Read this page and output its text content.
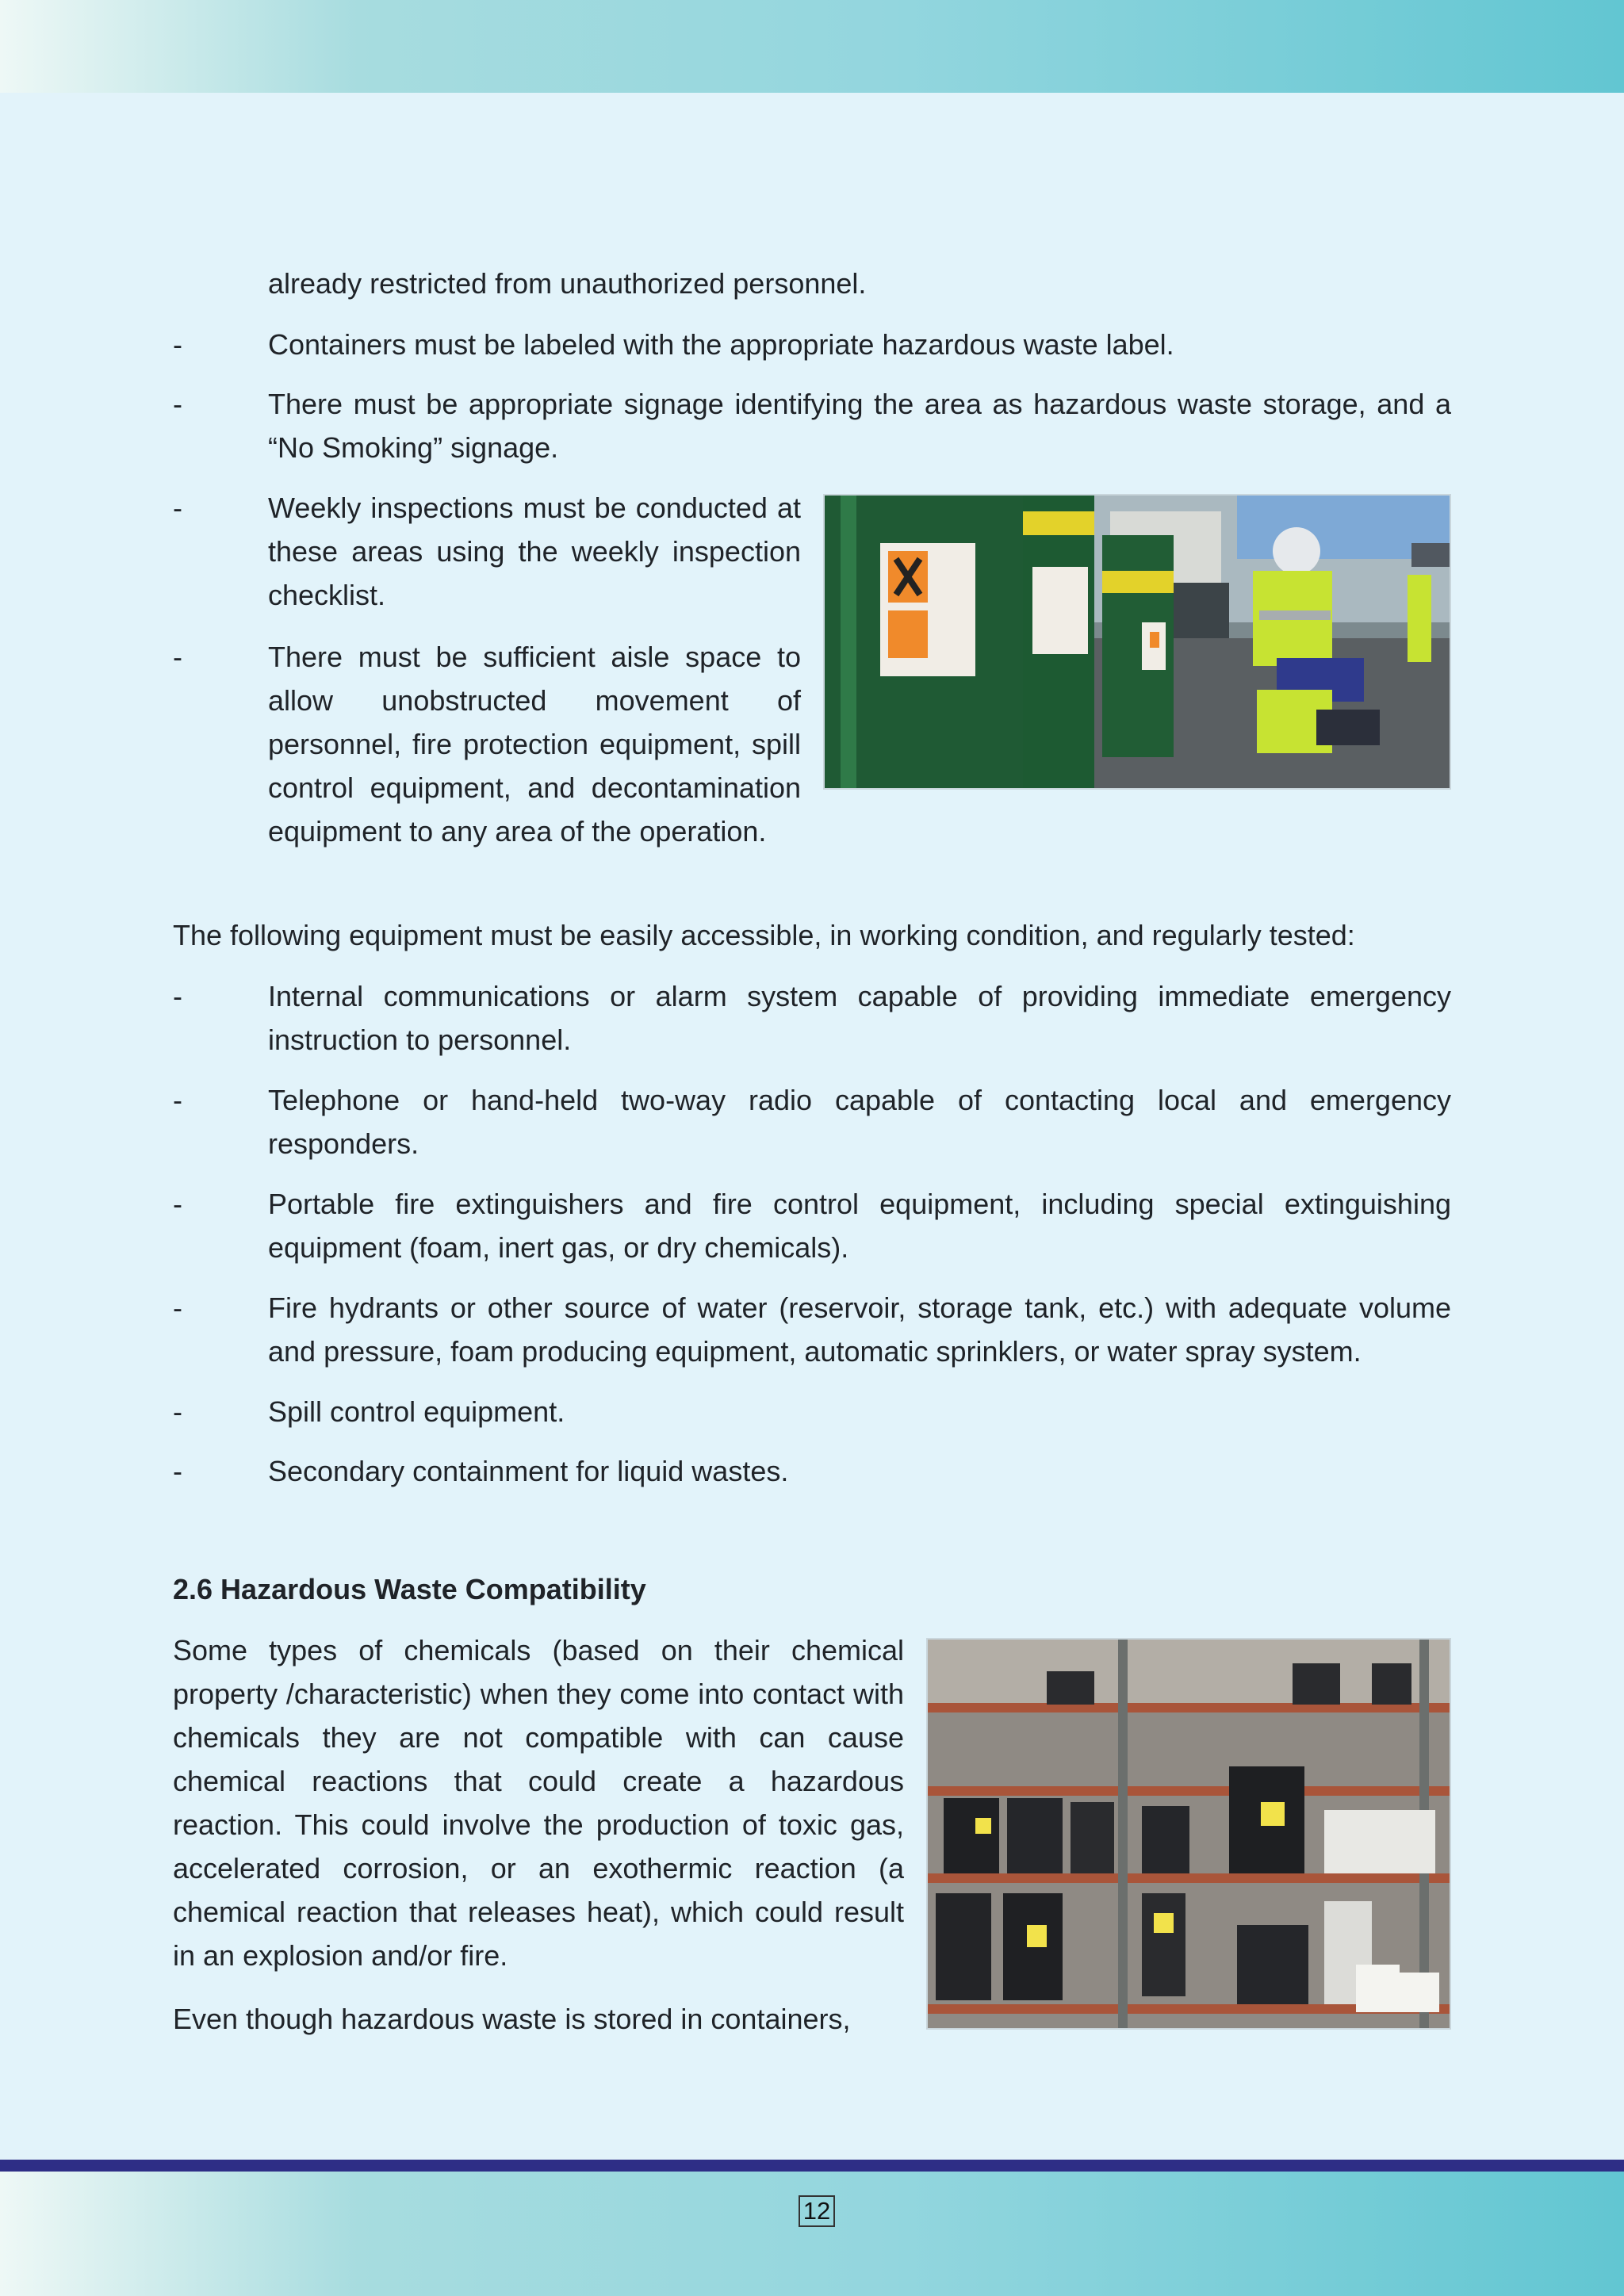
already restricted from unauthorized personnel.

-	Containers must be labeled with the appropriate hazardous waste label.

-	There must be appropriate signage identifying the area as hazardous waste storage, and a “No Smoking” signage.

-	Weekly inspections must be conducted at these areas using the weekly inspection checklist.

-	There must be sufficient aisle space to allow unobstructed movement of personnel, fire protection equipment, spill control equipment, and decontamination equipment to any area of the operation.

The following equipment must be easily accessible, in working condition, and regularly tested:

-	Internal communications or alarm system capable of providing immediate emergency instruction to personnel.

-	Telephone or hand-held two-way radio capable of contacting local and emergency responders.

-	Portable fire extinguishers and fire control equipment, including special extinguishing equipment (foam, inert gas, or dry chemicals).

-	Fire hydrants or other source of water (reservoir, storage tank, etc.) with adequate volume and pressure, foam producing equipment, automatic sprinklers, or water spray system.

-	Spill control equipment.

-	Secondary containment for liquid wastes.

2.6 Hazardous Waste Compatibility

Some types of chemicals (based on their chemical property /characteristic) when they come into contact with chemicals they are not compatible with can cause chemical reactions that could create a hazardous reaction. This could involve the production of toxic gas, accelerated corrosion, or an exothermic reaction (a chemical reaction that releases heat), which could result in an explosion and/or fire.

Even though hazardous waste is stored in containers,

12
